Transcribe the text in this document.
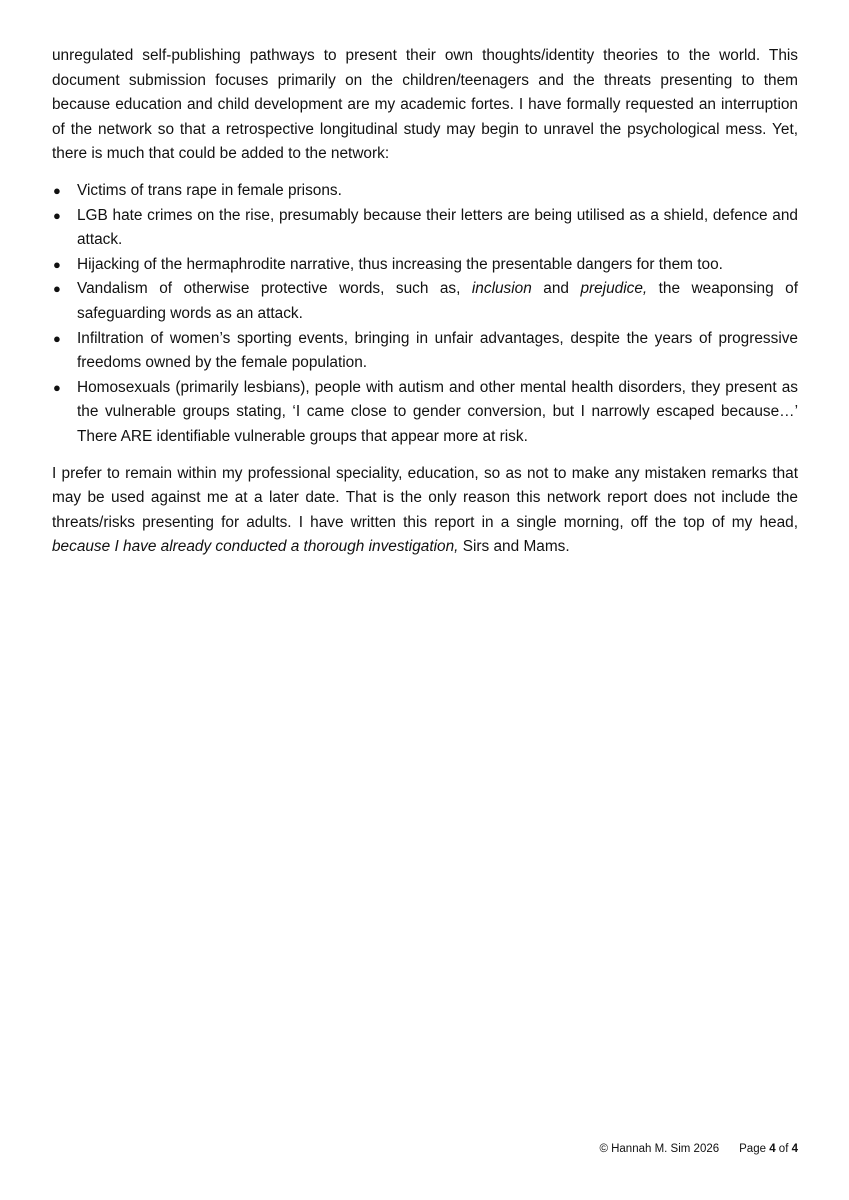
unregulated self-publishing pathways to present their own thoughts/identity theories to the world. This document submission focuses primarily on the children/teenagers and the threats presenting to them because education and child development are my academic fortes. I have formally requested an interruption of the network so that a retrospective longitudinal study may begin to unravel the psychological mess. Yet, there is much that could be added to the network:

● Victims of trans rape in female prisons.
● LGB hate crimes on the rise, presumably because their letters are being utilised as a shield, defence and attack.
● Hijacking of the hermaphrodite narrative, thus increasing the presentable dangers for them too.
● Vandalism of otherwise protective words, such as, inclusion and prejudice, the weaponsing of safeguarding words as an attack.
● Infiltration of women’s sporting events, bringing in unfair advantages, despite the years of progressive freedoms owned by the female population.
● Homosexuals (primarily lesbians), people with autism and other mental health disorders, they present as the vulnerable groups stating, ‘I came close to gender conversion, but I narrowly escaped because…’ There ARE identifiable vulnerable groups that appear more at risk.

I prefer to remain within my professional speciality, education, so as not to make any mistaken remarks that may be used against me at a later date. That is the only reason this network report does not include the threats/risks presenting for adults. I have written this report in a single morning, off the top of my head, because I have already conducted a thorough investigation, Sirs and Mams.

© Hannah M. Sim 2026 Page 4 of 4
